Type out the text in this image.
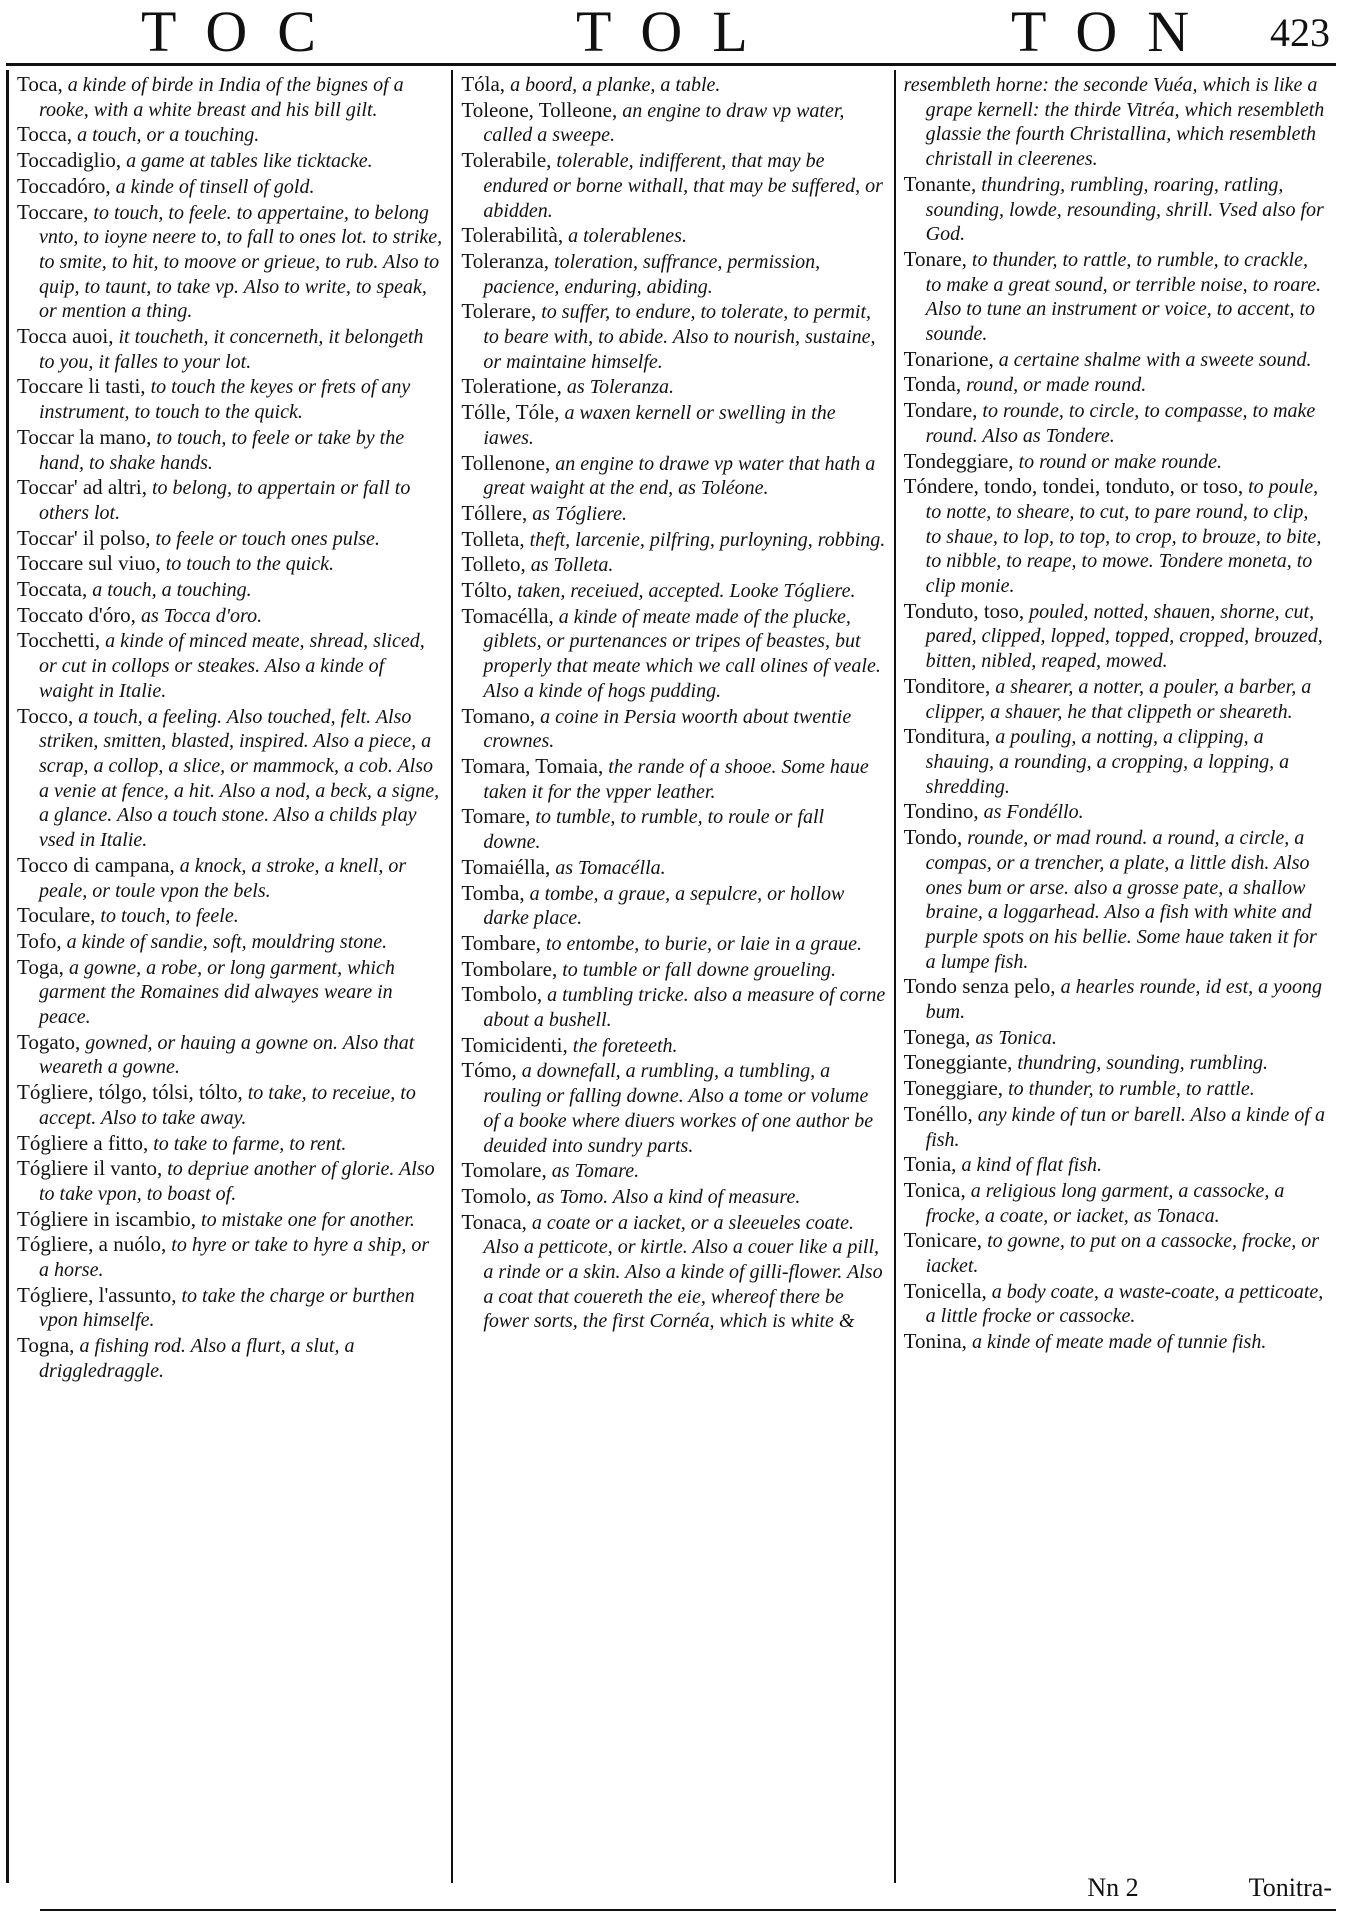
TOC	TOL	TON 423

Toca, a kinde of birde in India of the bignes of a rooke, with a white breast and his bill gilt.

Tocca, a touch, or a touching.

Toccadiglio, a game at tables like ticktacke.

Toccadóro, a kinde of tinsell of gold.

Toccare, to touch, to feele. to appertaine, to belong vnto, to ioyne neere to, to fall to ones lot. to strike, to smite, to hit, to moove or grieue, to rub. Also to quip, to taunt, to take vp. Also to write, to speak, or mention a thing.

Tocca auoi, it toucheth, it concerneth, it belongeth to you, it falles to your lot.

Toccare li tasti, to touch the keyes or frets of any instrument, to touch to the quick.

Toccar la mano, to touch, to feele or take by the hand, to shake hands.

Toccar' ad altri, to belong, to appertain or fall to others lot.

Toccar' il polso, to feele or touch ones pulse.

Toccare sul viuo, to touch to the quick.

Toccata, a touch, a touching.

Toccato d'óro, as Tocca d'oro.

Tocchetti, a kinde of minced meate, shread, sliced, or cut in collops or steakes. Also a kinde of waight in Italie.

Tocco, a touch, a feeling. Also touched, felt. Also striken, smitten, blasted, inspired. Also a piece, a scrap, a collop, a slice, or mammock, a cob. Also a venie at fence, a hit. Also a nod, a beck, a signe, a glance. Also a touch stone. Also a childs play vsed in Italie.

Tocco di campana, a knock, a stroke, a knell, or peale, or toule vpon the bels.

Toculare, to touch, to feele.

Tofo, a kinde of sandie, soft, mouldring stone.

Toga, a gowne, a robe, or long garment, which garment the Romaines did alwayes weare in peace.

Togato, gowned, or hauing a gowne on. Also that weareth a gowne.

Tógliere, tólgo, tólsi, tólto, to take, to receiue, to accept. Also to take away.

Tógliere a fitto, to take to farme, to rent.

Tógliere il vanto, to depriue another of glorie. Also to take vpon, to boast of.

Tógliere in iscambio, to mistake one for another.

Tógliere, a nuólo, to hyre or take to hyre a ship, or a horse.

Tógliere, l'assunto, to take the charge or burthen vpon himselfe.

Togna, a fishing rod. Also a flurt, a slut, a driggledraggle.

Tóla, a boord, a planke, a table.

Toleone, Tolleone, an engine to draw vp water, called a sweepe.

Tolerabile, tolerable, indifferent, that may be endured or borne withall, that may be suffered, or abidden.

Tolerabilità, a tolerablenes.

Toleranza, toleration, suffrance, permission, pacience, enduring, abiding.

Tolerare, to suffer, to endure, to tolerate, to permit, to beare with, to abide. Also to nourish, sustaine, or maintaine himselfe.

Toleratione, as Toleranza.

Tólle, Tóle, a waxen kernell or swelling in the iawes.

Tollenone, an engine to drawe vp water that hath a great waight at the end, as Toléone.

Tóllere, as Tógliere.

Tolleta, theft, larcenie, pilfring, purloyning, robbing.

Tolleto, as Tolleta.

Tólto, taken, receiued, accepted. Looke Tógliere.

Tomacélla, a kinde of meate made of the plucke, giblets, or purtenances or tripes of beastes, but properly that meate which we call olines of veale. Also a kinde of hogs pudding.

Tomano, a coine in Persia woorth about twentie crownes.

Tomara, Tomaia, the rande of a shooe. Some haue taken it for the vpper leather.

Tomare, to tumble, to rumble, to roule or fall downe.

Tomaiélla, as Tomacélla.

Tomba, a tombe, a graue, a sepulcre, or hollow darke place.

Tombare, to entombe, to burie, or laie in a graue.

Tombolare, to tumble or fall downe groueling.

Tombolo, a tumbling tricke. also a measure of corne about a bushell.

Tomicidenti, the foreteeth.

Tómo, a downefall, a rumbling, a tumbling, a rouling or falling downe. Also a tome or volume of a booke where diuers workes of one author be deuided into sundry parts.

Tomolare, as Tomare.

Tomolo, as Tomo. Also a kind of measure.

Tonaca, a coate or a iacket, or a sleeueles coate. Also a petticote, or kirtle. Also a couer like a pill, a rinde or a skin. Also a kinde of gilli-flower. Also a coat that couereth the eie, whereof there be fower sorts, the first Cornéa, which is white &

resembleth horne: the seconde Vuéa, which is like a grape kernell: the thirde Vitréa, which resembleth glassie the fourth Christallina, which resembleth christall in cleerenes.

Tonante, thundring, rumbling, roaring, ratling, sounding, lowde, resounding, shrill. Vsed also for God.

Tonare, to thunder, to rattle, to rumble, to crackle, to make a great sound, or terrible noise, to roare. Also to tune an instrument or voice, to accent, to sounde.

Tonarione, a certaine shalme with a sweete sound.

Tonda, round, or made round.

Tondare, to rounde, to circle, to compasse, to make round. Also as Tondere.

Tondeggiare, to round or make rounde.

Tóndere, tondo, tondei, tonduto, or toso, to poule, to notte, to sheare, to cut, to pare round, to clip, to shaue, to lop, to top, to crop, to brouze, to bite, to nibble, to reape, to mowe. Tondere moneta, to clip monie.

Tonduto, toso, pouled, notted, shauen, shorne, cut, pared, clipped, lopped, topped, cropped, brouzed, bitten, nibled, reaped, mowed.

Tonditore, a shearer, a notter, a pouler, a barber, a clipper, a shauer, he that clippeth or sheareth.

Tonditura, a pouling, a notting, a clipping, a shauing, a rounding, a cropping, a lopping, a shredding.

Tondino, as Fondéllo.

Tondo, rounde, or mad round. a round, a circle, a compas, or a trencher, a plate, a little dish. Also ones bum or arse. also a grosse pate, a shallow braine, a loggarhead. Also a fish with white and purple spots on his bellie. Some haue taken it for a lumpe fish.

Tondo senza pelo, a hearles rounde, id est, a yoong bum.

Tonega, as Tonica.

Toneggiante, thundring, sounding, rumbling.

Toneggiare, to thunder, to rumble, to rattle.

Tonéllo, any kinde of tun or barell. Also a kinde of a fish.

Tonia, a kind of flat fish.

Tonica, a religious long garment, a cassocke, a frocke, a coate, or iacket, as Tonaca.

Tonicare, to gowne, to put on a cassocke, frocke, or iacket.

Tonicella, a body coate, a waste-coate, a petticoate, a little frocke or cassocke.

Tonina, a kinde of meate made of tunnie fish.

Nn 2	Tonitra-
